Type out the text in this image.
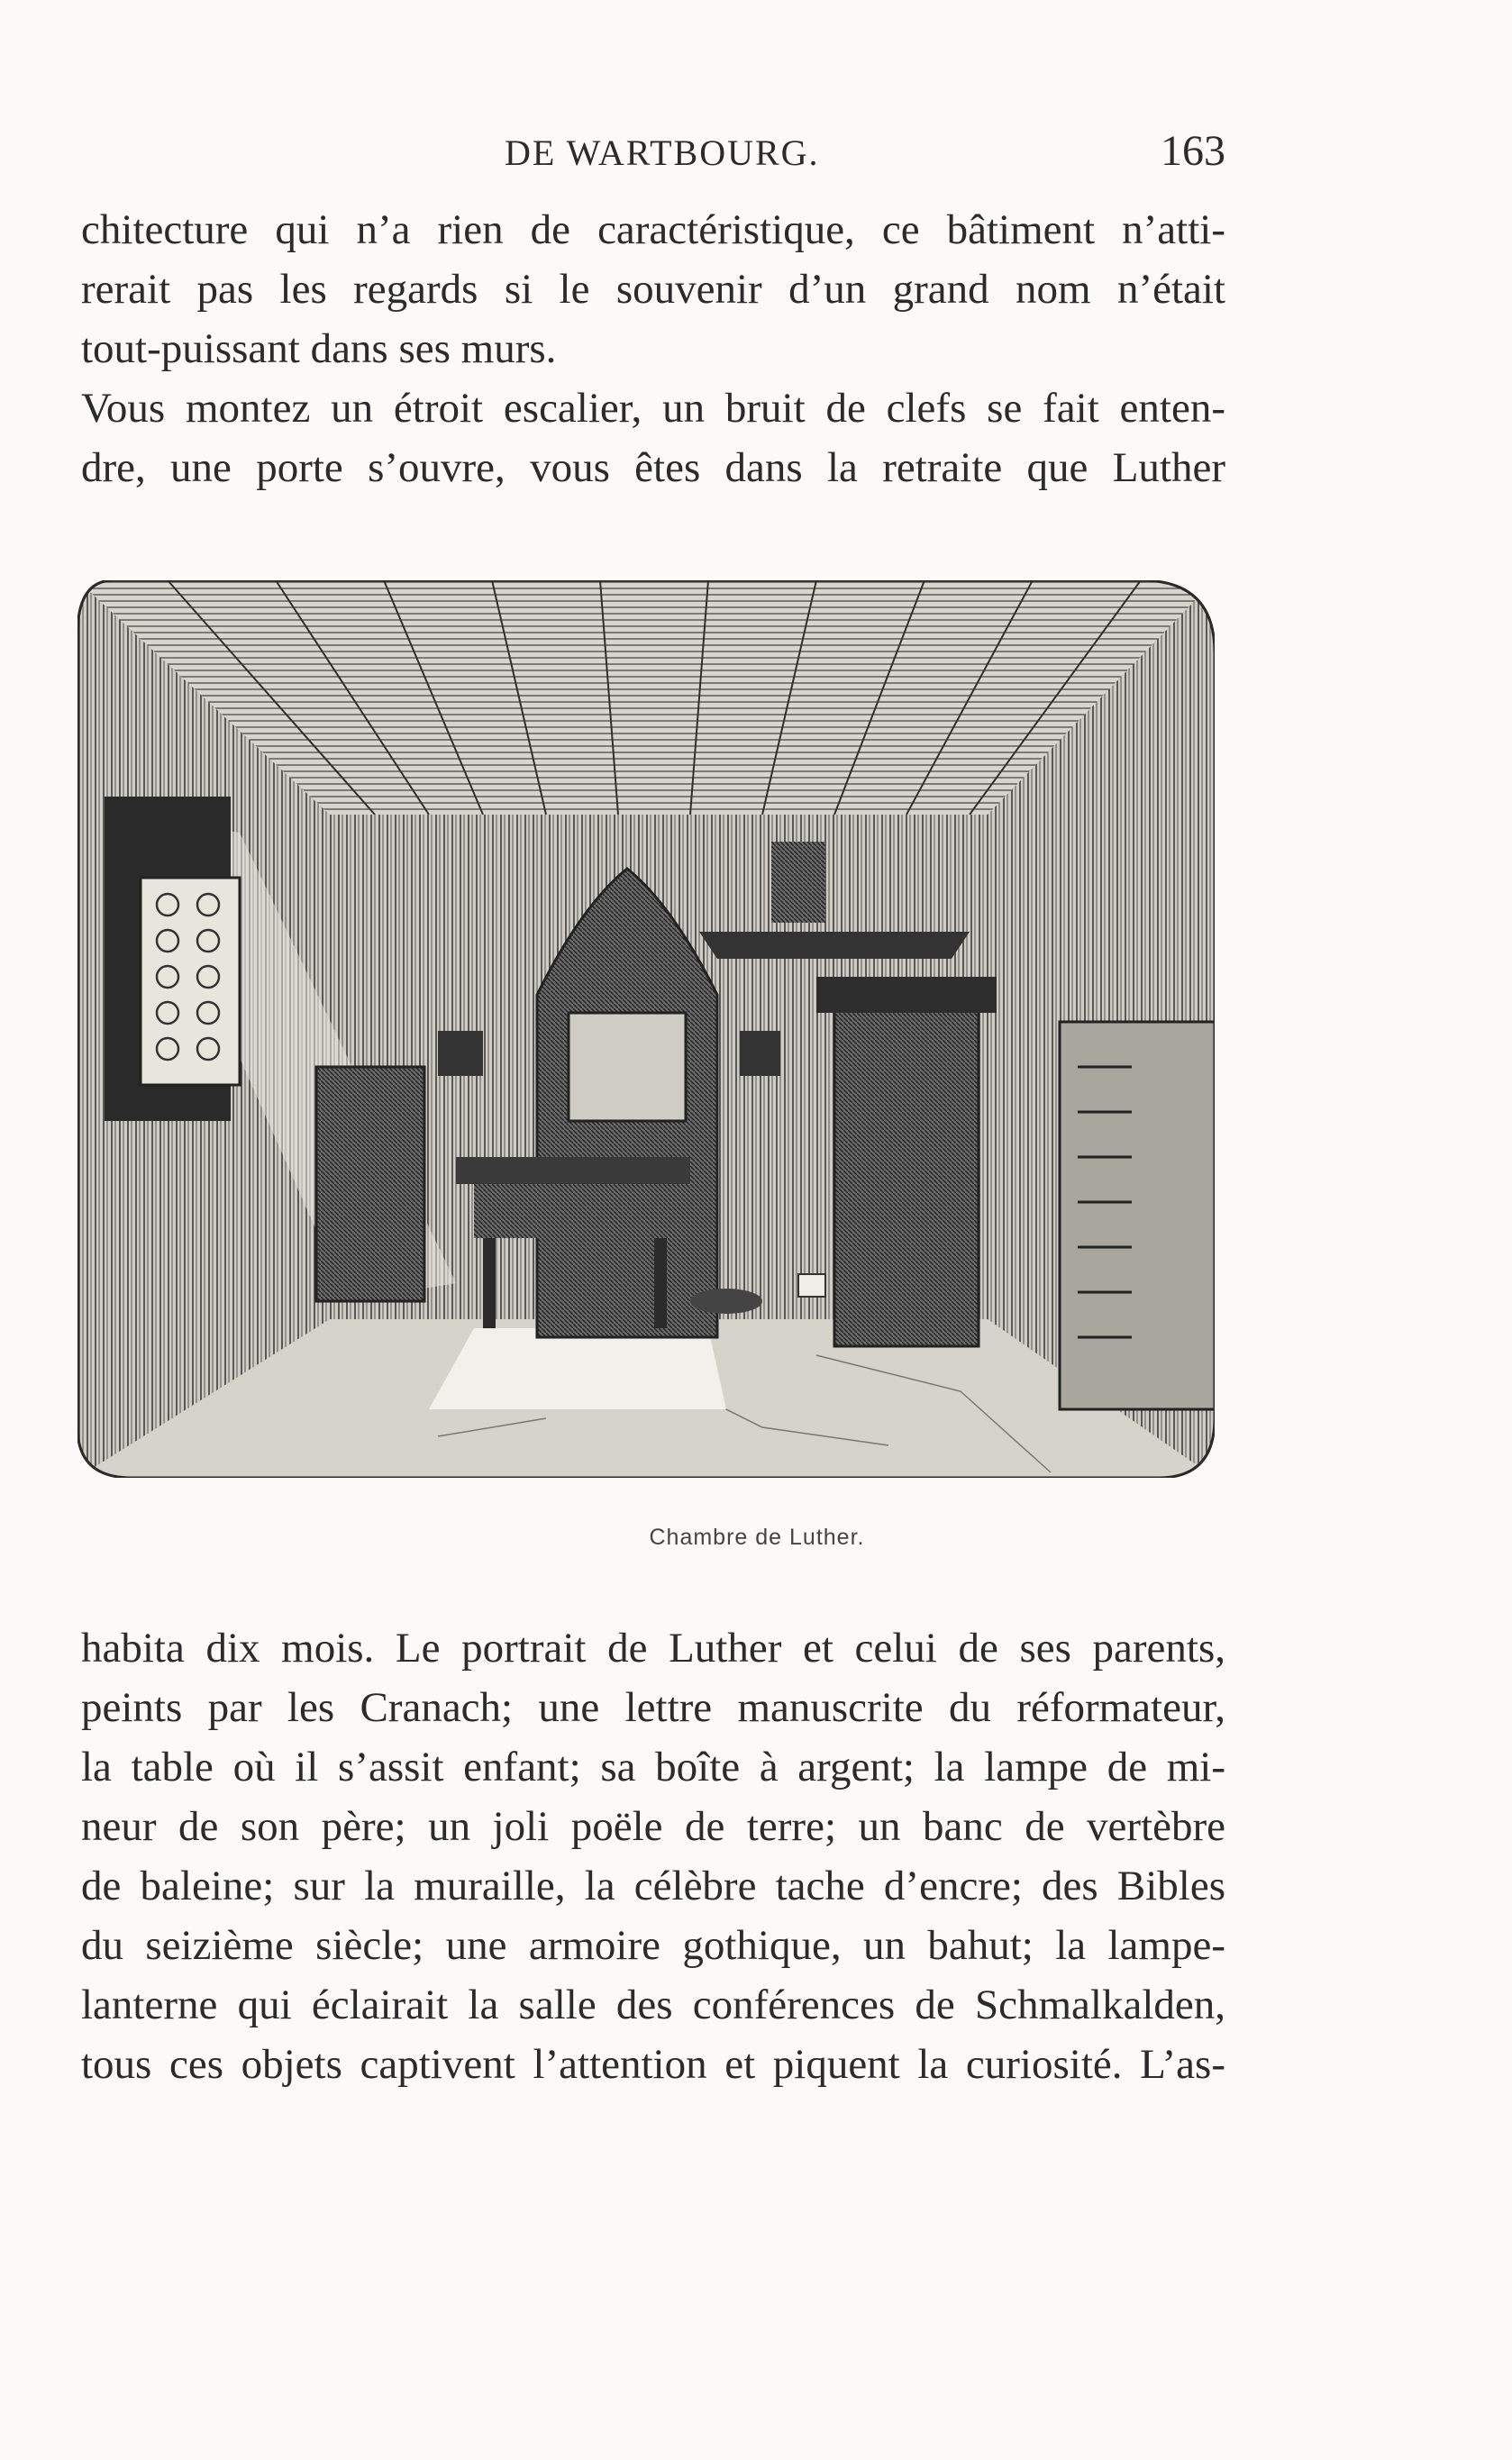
DE WARTBOURG.	163
chitecture qui n’a rien de caractéristique, ce bâtiment n’atti-
rerait pas les regards si le souvenir d’un grand nom n’était
tout-puissant dans ses murs.
Vous montez un étroit escalier, un bruit de clefs se fait enten-
dre, une porte s’ouvre, vous êtes dans la retraite que Luther
Chambre de Luther.
habita dix mois. Le portrait de Luther et celui de ses parents,
peints par les Cranach; une lettre manuscrite du réformateur,
la table où il s’assit enfant; sa boîte à argent; la lampe de mi-
neur de son père; un joli poële de terre; un banc de vertèbre
de baleine; sur la muraille, la célèbre tache d’encre; des Bibles
du seizième siècle; une armoire gothique, un bahut; la lampe-
lanterne qui éclairait la salle des conférences de Schmalkalden,
tous ces objets captivent l’attention et piquent la curiosité. L’as-
